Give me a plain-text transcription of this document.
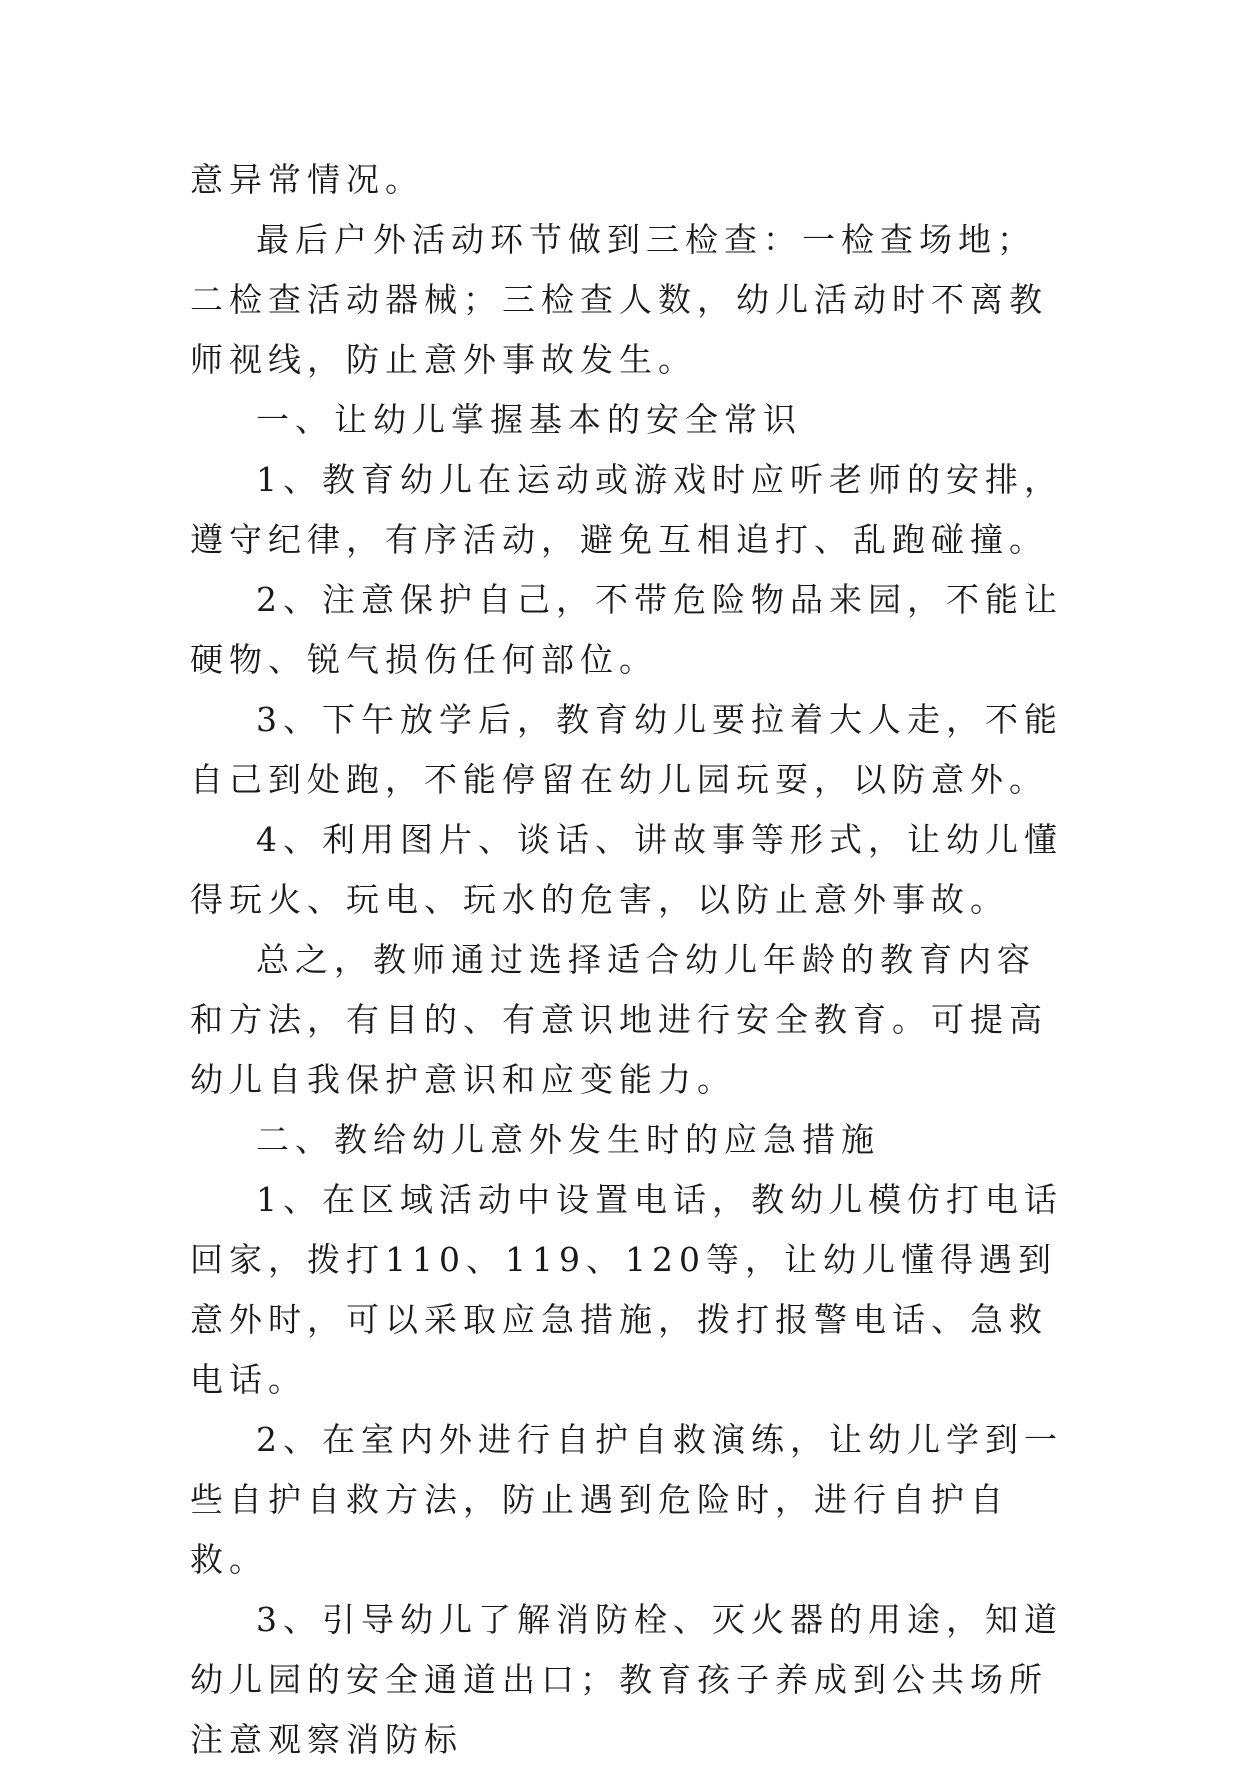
意异常情况。

最后户外活动环节做到三检查：一检查场地；二检查活动器械；三检查人数，幼儿活动时不离教师视线，防止意外事故发生。

一、让幼儿掌握基本的安全常识

1、教育幼儿在运动或游戏时应听老师的安排，遵守纪律，有序活动，避免互相追打、乱跑碰撞。

2、注意保护自己，不带危险物品来园，不能让硬物、锐气损伤任何部位。

3、下午放学后，教育幼儿要拉着大人走，不能自己到处跑，不能停留在幼儿园玩耍，以防意外。

4、利用图片、谈话、讲故事等形式，让幼儿懂得玩火、玩电、玩水的危害，以防止意外事故。

总之，教师通过选择适合幼儿年龄的教育内容和方法，有目的、有意识地进行安全教育。可提高幼儿自我保护意识和应变能力。

二、教给幼儿意外发生时的应急措施

1、在区域活动中设置电话，教幼儿模仿打电话回家，拨打110、119、120等，让幼儿懂得遇到意外时，可以采取应急措施，拨打报警电话、急救电话。

2、在室内外进行自护自救演练，让幼儿学到一些自护自救方法，防止遇到危险时，进行自护自救。

3、引导幼儿了解消防栓、灭火器的用途，知道幼儿园的安全通道出口；教育孩子养成到公共场所注意观察消防标
